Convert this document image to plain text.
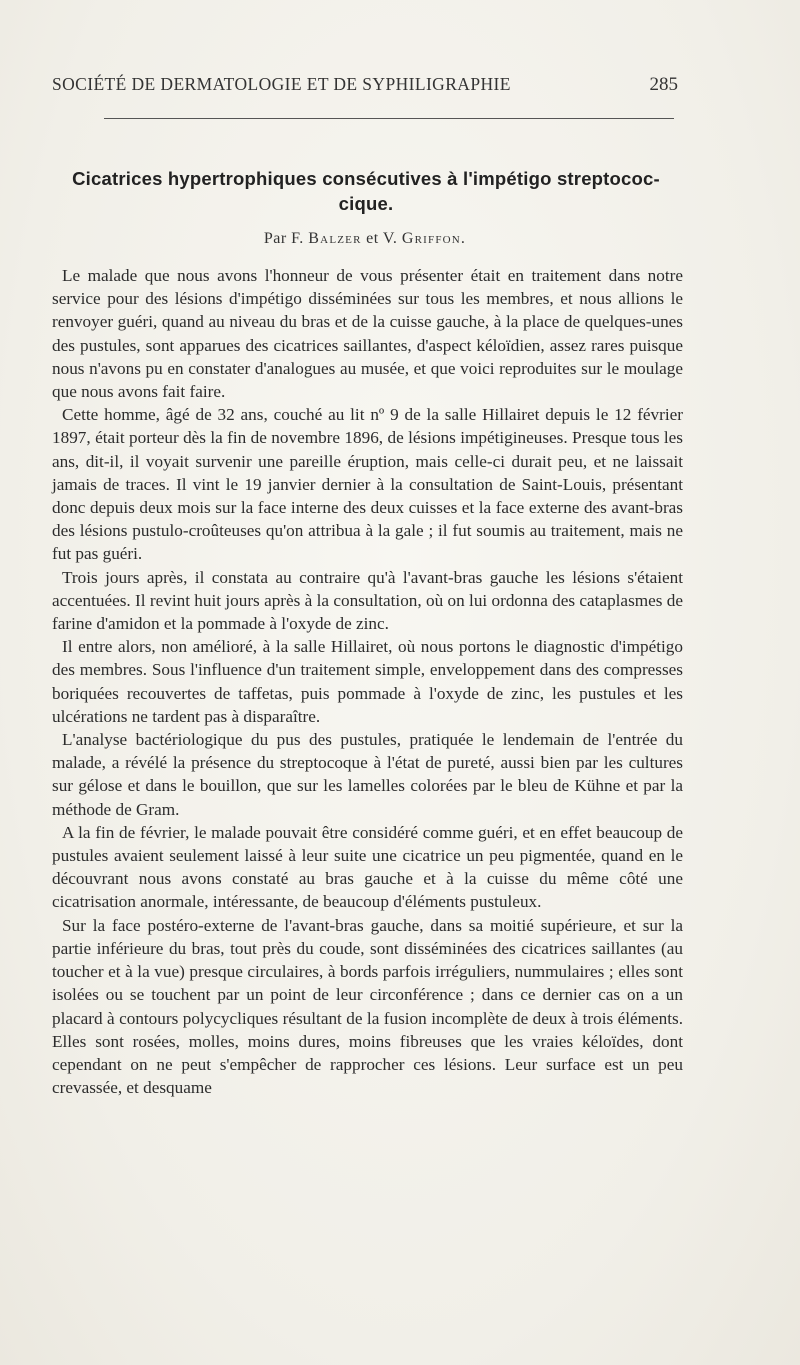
SOCIÉTÉ DE DERMATOLOGIE ET DE SYPHILIGRAPHIE	285
Cicatrices hypertrophiques consécutives à l'impétigo streptococ-
cique.
Par F. Balzer et V. Griffon.

Le malade que nous avons l'honneur de vous présenter était en traitement dans notre service pour des lésions d'impétigo disséminées sur tous les membres, et nous allions le renvoyer guéri, quand au niveau du bras et de la cuisse gauche, à la place de quelques-unes des pustules, sont apparues des cicatrices saillantes, d'aspect kéloïdien, assez rares puisque nous n'avons pu en constater d'analogues au musée, et que voici reproduites sur le moulage que nous avons fait faire.

Cette homme, âgé de 32 ans, couché au lit nº 9 de la salle Hillairet depuis le 12 février 1897, était porteur dès la fin de novembre 1896, de lésions impétigineuses. Presque tous les ans, dit-il, il voyait survenir une pareille éruption, mais celle-ci durait peu, et ne laissait jamais de traces. Il vint le 19 janvier dernier à la consultation de Saint-Louis, présentant donc depuis deux mois sur la face interne des deux cuisses et la face externe des avant-bras des lésions pustulo-croûteuses qu'on attribua à la gale ; il fut soumis au traitement, mais ne fut pas guéri.

Trois jours après, il constata au contraire qu'à l'avant-bras gauche les lésions s'étaient accentuées. Il revint huit jours après à la consultation, où on lui ordonna des cataplasmes de farine d'amidon et la pommade à l'oxyde de zinc.

Il entre alors, non amélioré, à la salle Hillairet, où nous portons le diagnostic d'impétigo des membres. Sous l'influence d'un traitement simple, enveloppement dans des compresses boriquées recouvertes de taffetas, puis pommade à l'oxyde de zinc, les pustules et les ulcérations ne tardent pas à disparaître.

L'analyse bactériologique du pus des pustules, pratiquée le lendemain de l'entrée du malade, a révélé la présence du streptocoque à l'état de pureté, aussi bien par les cultures sur gélose et dans le bouillon, que sur les lamelles colorées par le bleu de Kühne et par la méthode de Gram.

A la fin de février, le malade pouvait être considéré comme guéri, et en effet beaucoup de pustules avaient seulement laissé à leur suite une cicatrice un peu pigmentée, quand en le découvrant nous avons constaté au bras gauche et à la cuisse du même côté une cicatrisation anormale, intéressante, de beaucoup d'éléments pustuleux.

Sur la face postéro-externe de l'avant-bras gauche, dans sa moitié supérieure, et sur la partie inférieure du bras, tout près du coude, sont disséminées des cicatrices saillantes (au toucher et à la vue) presque circulaires, à bords parfois irréguliers, nummulaires ; elles sont isolées ou se touchent par un point de leur circonférence ; dans ce dernier cas on a un placard à contours polycycliques résultant de la fusion incomplète de deux à trois éléments. Elles sont rosées, molles, moins dures, moins fibreuses que les vraies kéloïdes, dont cependant on ne peut s'empêcher de rapprocher ces lésions. Leur surface est un peu crevassée, et desquame
